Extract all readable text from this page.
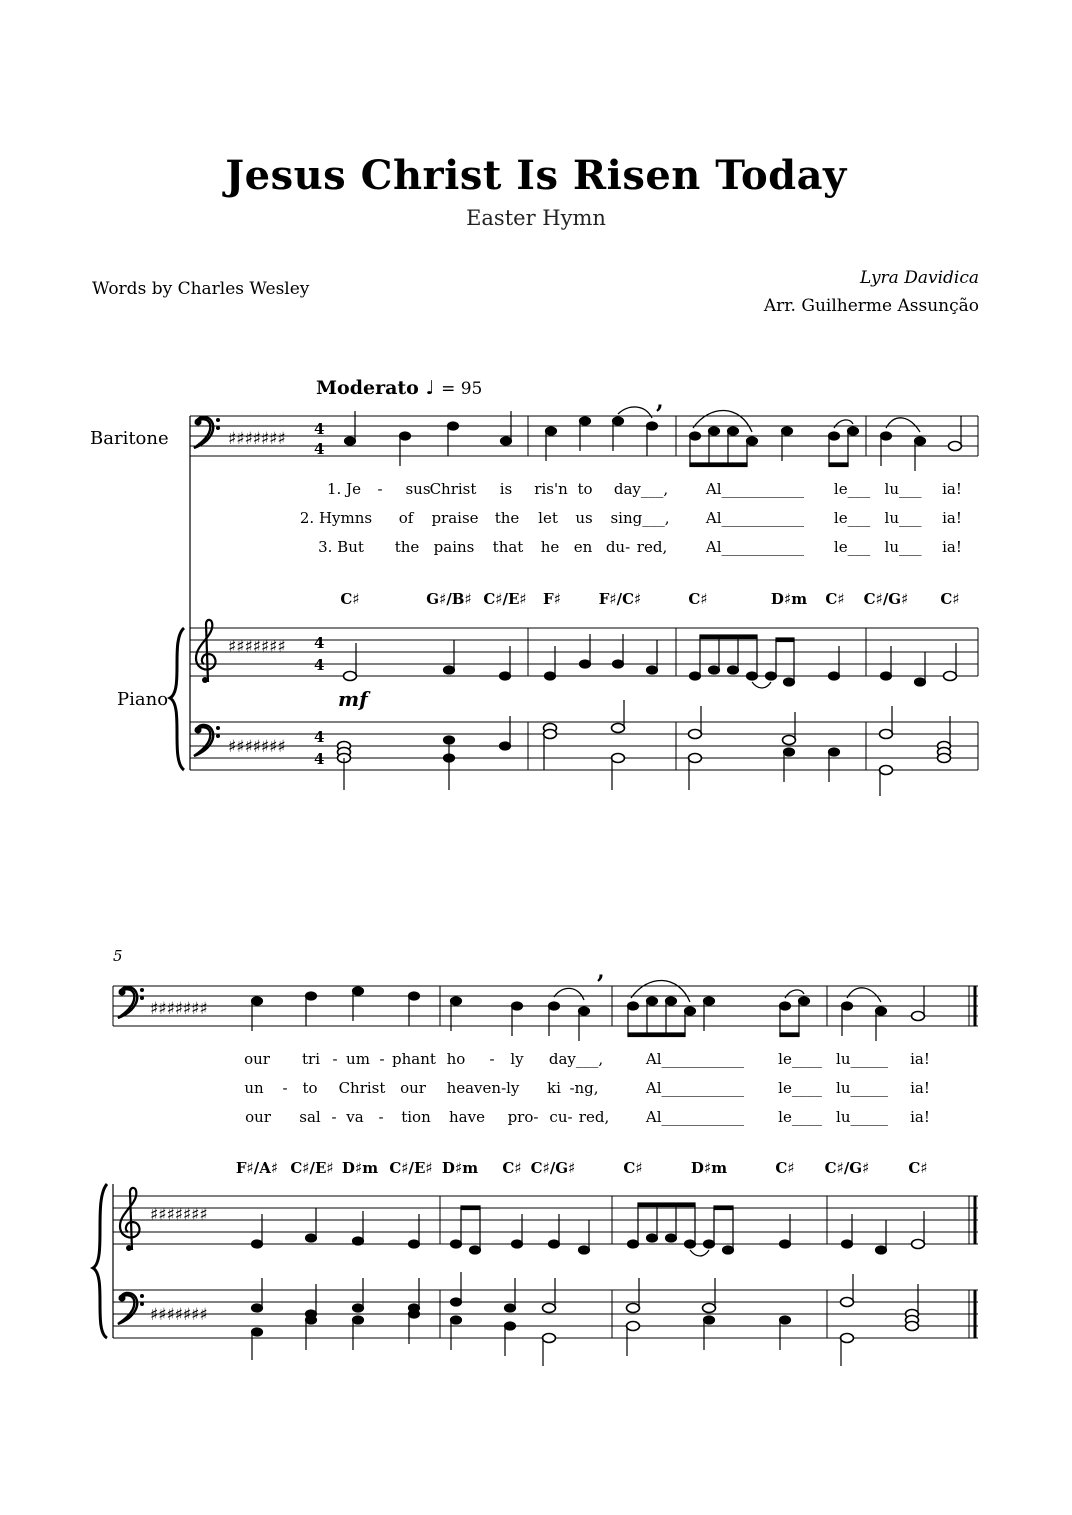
Jesus Christ Is Risen Today
Easter Hymn
Words by Charles Wesley
Lyra Davidica
Arr. Guilherme Assunção
Moderato ♩ = 95
Baritone
Piano	mf
5
1. Je - sus Christ is ris'n to day___,	Al___________ le___ lu___ ia!
2. Hymns of praise the let us sing___, Al___________ le___ lu___ ia!
3. But the pains that he en du- red,	Al___________ le___ lu___ ia!
C♯	G♯/B♯ C♯/E♯ F♯	F♯/C♯	C♯	D♯m C♯ C♯/G♯ C♯
our tri - um - phant ho - ly day___,	Al___________ le____ lu_____ ia!
un - to Christ our heaven-ly ki -ng,	Al___________ le____ lu_____ ia!
our sal - va - tion have pro- cu- red, Al___________ le____ lu_____ ia!
F♯/A♯ C♯/E♯ D♯m C♯/E♯ D♯m C♯ C♯/G♯	C♯	D♯m	C♯ C♯/G♯	C♯
♯♯♯♯♯♯♯ 4
4
,
♯♯♯♯♯♯♯ 4
4
♯♯♯♯♯♯♯ 4
4
♯♯♯♯♯♯♯
,
♯♯♯♯♯♯♯
♯♯♯♯♯♯♯
